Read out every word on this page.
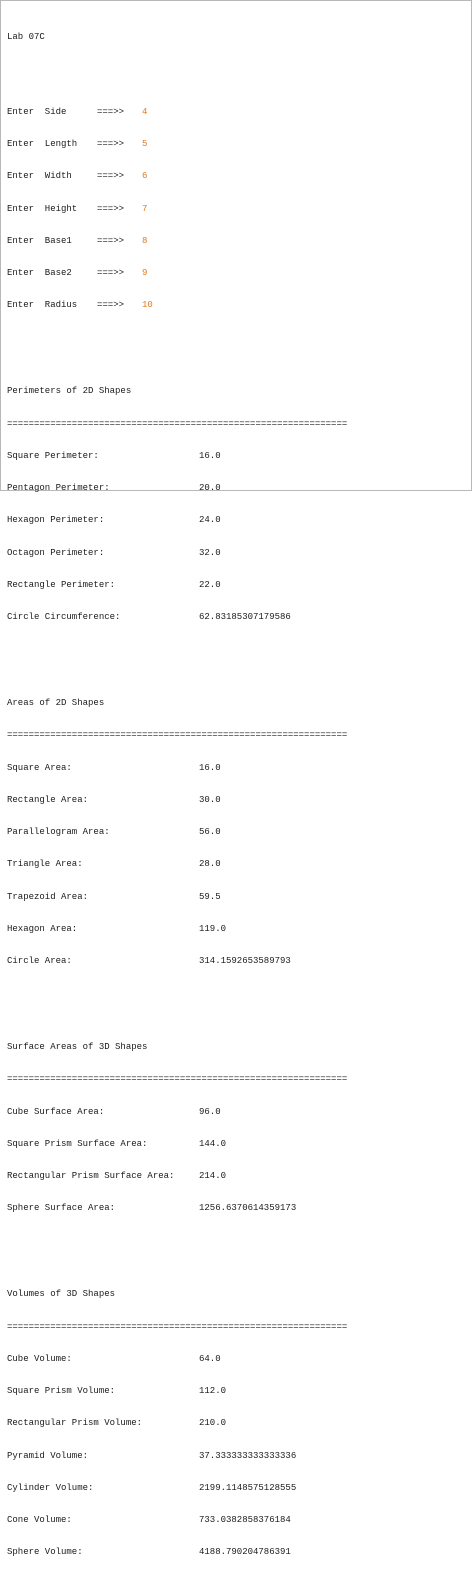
Lab 07C

Enter  Side	===>> 4

Enter  Length ===>> 5

Enter  Width	===>> 6

Enter  Height ===>> 7

Enter  Base1	===>> 8

Enter  Base2	===>> 9

Enter  Radius ===>> 10

Perimeters of 2D Shapes

===============================================================

Square Perimeter:	16.0

Pentagon Perimeter:	20.0

Hexagon Perimeter:	24.0

Octagon Perimeter:	32.0

Rectangle Perimeter:	22.0

Circle Circumference:	62.83185307179586

Areas of 2D Shapes

===============================================================

Square Area:	16.0

Rectangle Area:	30.0

Parallelogram Area:	56.0

Triangle Area:	28.0

Trapezoid Area:	59.5

Hexagon Area:	119.0

Circle Area:	314.1592653589793

Surface Areas of 3D Shapes

===============================================================

Cube Surface Area:	96.0

Square Prism Surface Area:	144.0

Rectangular Prism Surface Area:	214.0

Sphere Surface Area:	1256.6370614359173

Volumes of 3D Shapes

===============================================================

Cube Volume:	64.0

Square Prism Volume:	112.0

Rectangular Prism Volume:	210.0

Pyramid Volume:	37.333333333333336

Cylinder Volume:	2199.1148575128555

Cone Volume:	733.0382858376184

Sphere Volume:	4188.790204786391
